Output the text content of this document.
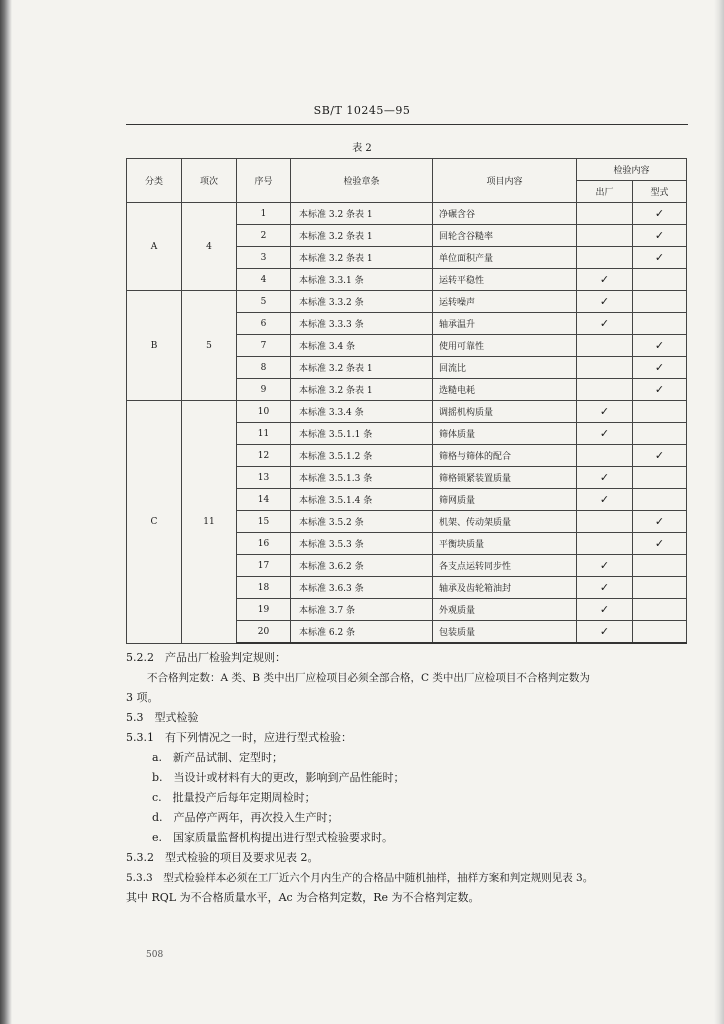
SB/T 10245—95
表 2
分类	项次	序号	检验章条	项目内容	检验内容	
					出厂	型式
A	4	1	本标准 3.2 条表 1	净碾含谷		✓
		2	本标准 3.2 条表 1	回轮含谷糙率		✓
		3	本标准 3.2 条表 1	单位面积产量		✓
		4	本标准 3.3.1 条	运转平稳性	✓	
B	5	5	本标准 3.3.2 条	运转噪声	✓	
		6	本标准 3.3.3 条	轴承温升	✓	
		7	本标准 3.4 条	使用可靠性		✓
		8	本标准 3.2 条表 1	回流比		✓
		9	本标准 3.2 条表 1	选糙电耗		✓
C	11	10	本标准 3.3.4 条	调摇机构质量	✓	
		11	本标准 3.5.1.1 条	筛体质量	✓	
		12	本标准 3.5.1.2 条	筛格与筛体的配合		✓
		13	本标准 3.5.1.3 条	筛格锁紧装置质量	✓	
		14	本标准 3.5.1.4 条	筛网质量	✓	
		15	本标准 3.5.2 条	机架、传动架质量		✓
		16	本标准 3.5.3 条	平衡块质量		✓
		17	本标准 3.6.2 条	各支点运转同步性	✓	
		18	本标准 3.6.3 条	轴承及齿轮箱油封	✓	
		19	本标准 3.7 条	外观质量	✓	
		20	本标准 6.2 条	包装质量	✓	
5.2.2　产品出厂检验判定规则：
不合格判定数：A 类、B 类中出厂应检项目必须全部合格，C 类中出厂应检项目不合格判定数为
3 项。
5.3　型式检验
5.3.1　有下列情况之一时，应进行型式检验：
a.　新产品试制、定型时；
b.　当设计或材料有大的更改，影响到产品性能时；
c.　批量投产后每年定期周检时；
d.　产品停产两年，再次投入生产时；
e.　国家质量监督机构提出进行型式检验要求时。
5.3.2　型式检验的项目及要求见表 2。
5.3.3　型式检验样本必须在工厂近六个月内生产的合格品中随机抽样，抽样方案和判定规则见表 3。
其中 RQL 为不合格质量水平，Ac 为合格判定数，Re 为不合格判定数。
508
